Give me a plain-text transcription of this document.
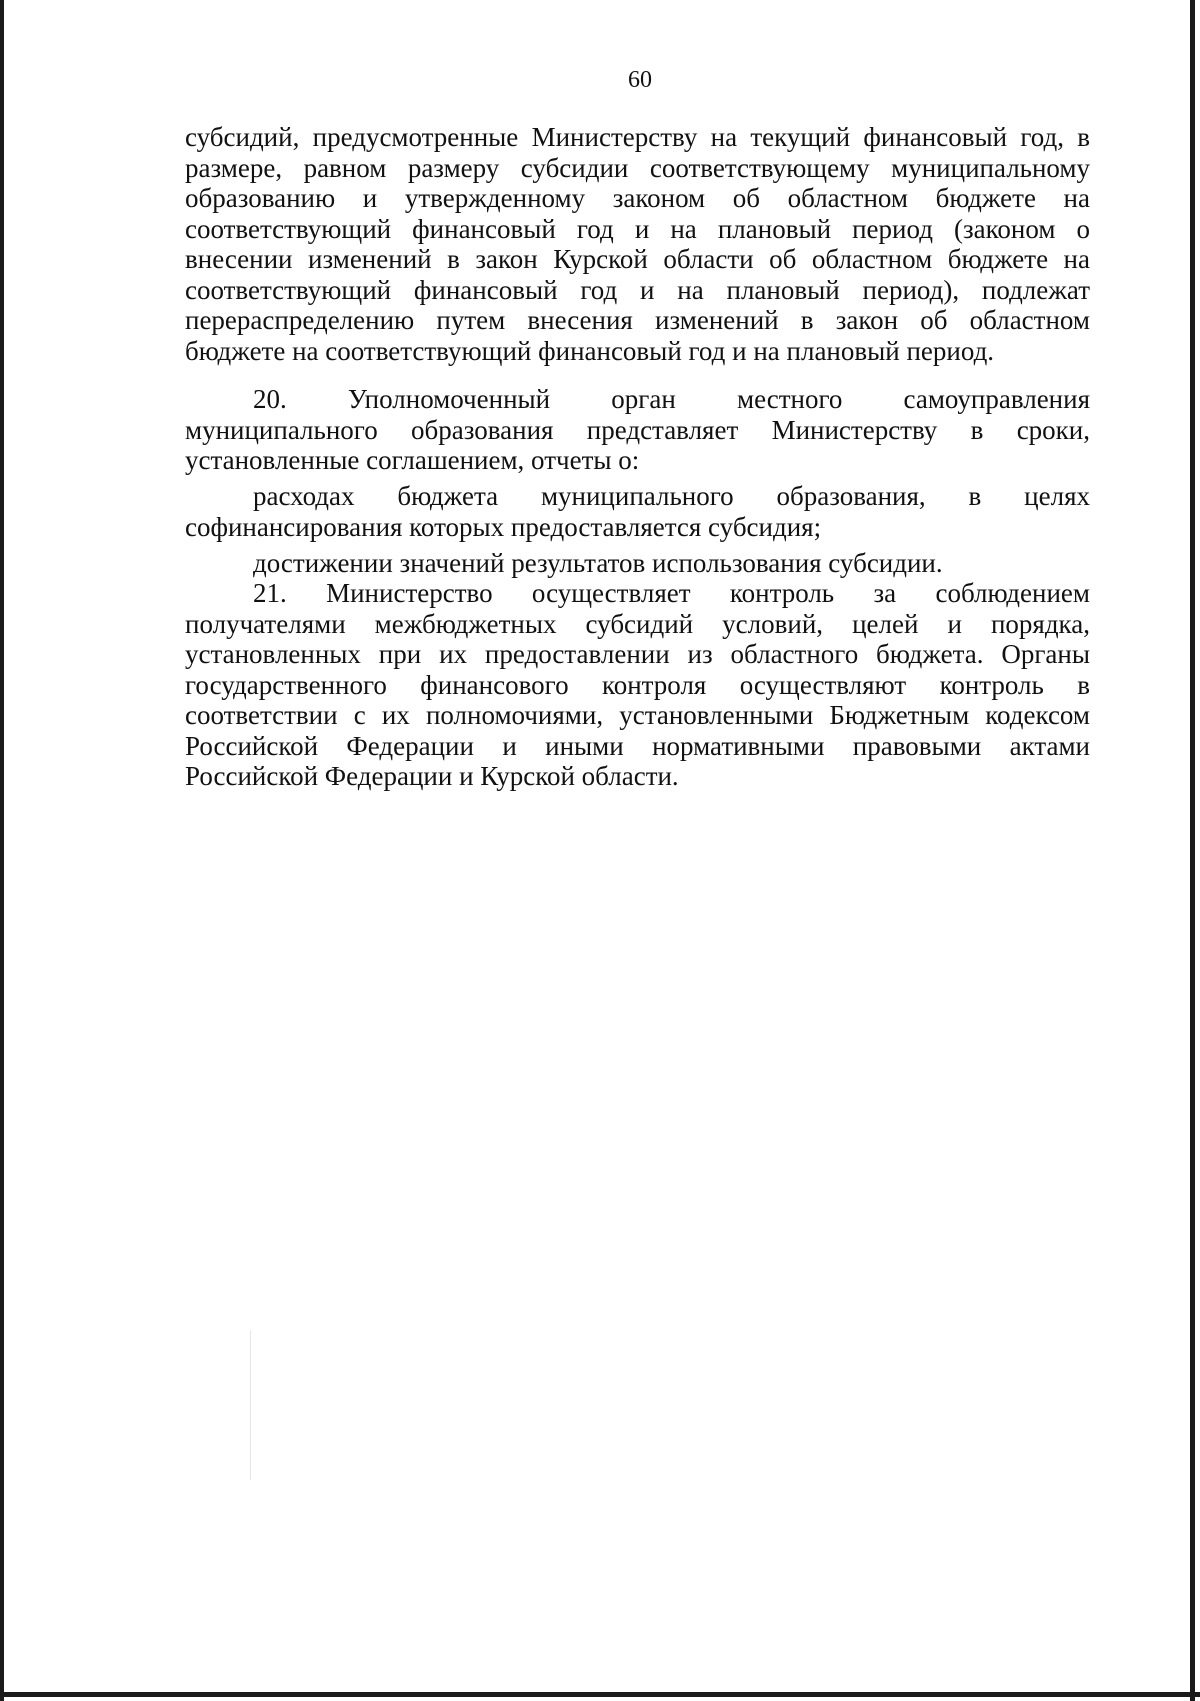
60
субсидий, предусмотренные Министерству на текущий финансовый год, в
размере, равном размеру субсидии соответствующему муниципальному
образованию и утвержденному законом об областном бюджете на
соответствующий финансовый год и на плановый период (законом о
внесении изменений в закон Курской области об областном бюджете на
соответствующий финансовый год и на плановый период), подлежат
перераспределению путем внесения изменений в закон об областном
бюджете на соответствующий финансовый год и на плановый период.
20. Уполномоченный орган местного самоуправления
муниципального образования представляет Министерству в сроки,
установленные соглашением, отчеты о:
расходах бюджета муниципального образования, в целях
софинансирования которых предоставляется субсидия;
достижении значений результатов использования субсидии.
21. Министерство осуществляет контроль за соблюдением
получателями межбюджетных субсидий условий, целей и порядка,
установленных при их предоставлении из областного бюджета. Органы
государственного финансового контроля осуществляют контроль в
соответствии с их полномочиями, установленными Бюджетным кодексом
Российской Федерации и иными нормативными правовыми актами
Российской Федерации и Курской области.
